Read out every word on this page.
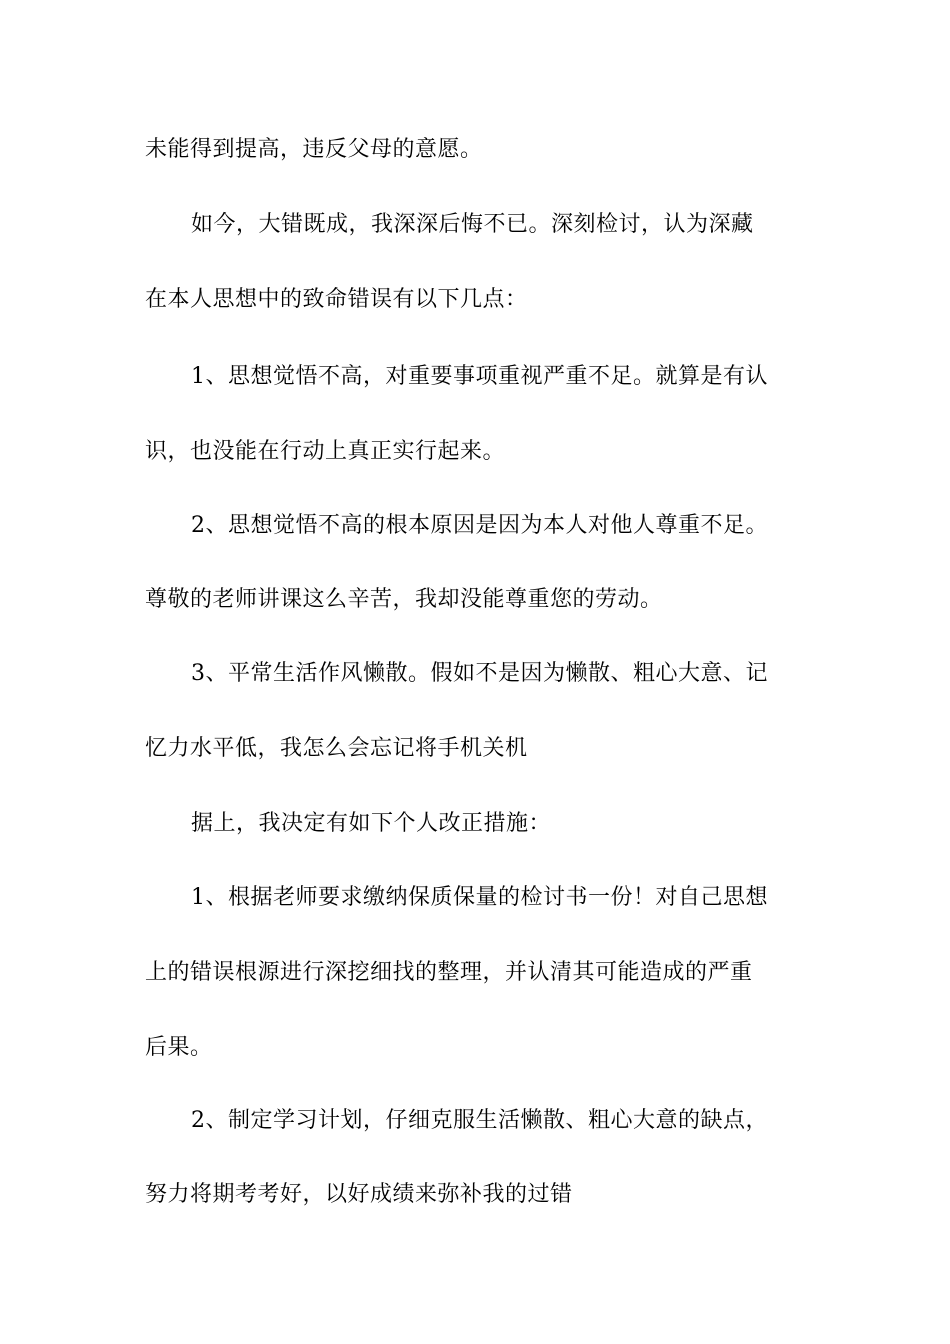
未能得到提高，违反父母的意愿。
如今，大错既成，我深深后悔不已。深刻检讨，认为深藏
在本人思想中的致命错误有以下几点：
1、思想觉悟不高，对重要事项重视严重不足。就算是有认
识，也没能在行动上真正实行起来。
2、思想觉悟不高的根本原因是因为本人对他人尊重不足。
尊敬的老师讲课这么辛苦，我却没能尊重您的劳动。
3、平常生活作风懒散。假如不是因为懒散、粗心大意、记
忆力水平低，我怎么会忘记将手机关机
据上，我决定有如下个人改正措施：
1、根据老师要求缴纳保质保量的检讨书一份！对自己思想
上的错误根源进行深挖细找的整理，并认清其可能造成的严重
后果。
2、制定学习计划，仔细克服生活懒散、粗心大意的缺点，
努力将期考考好，以好成绩来弥补我的过错
